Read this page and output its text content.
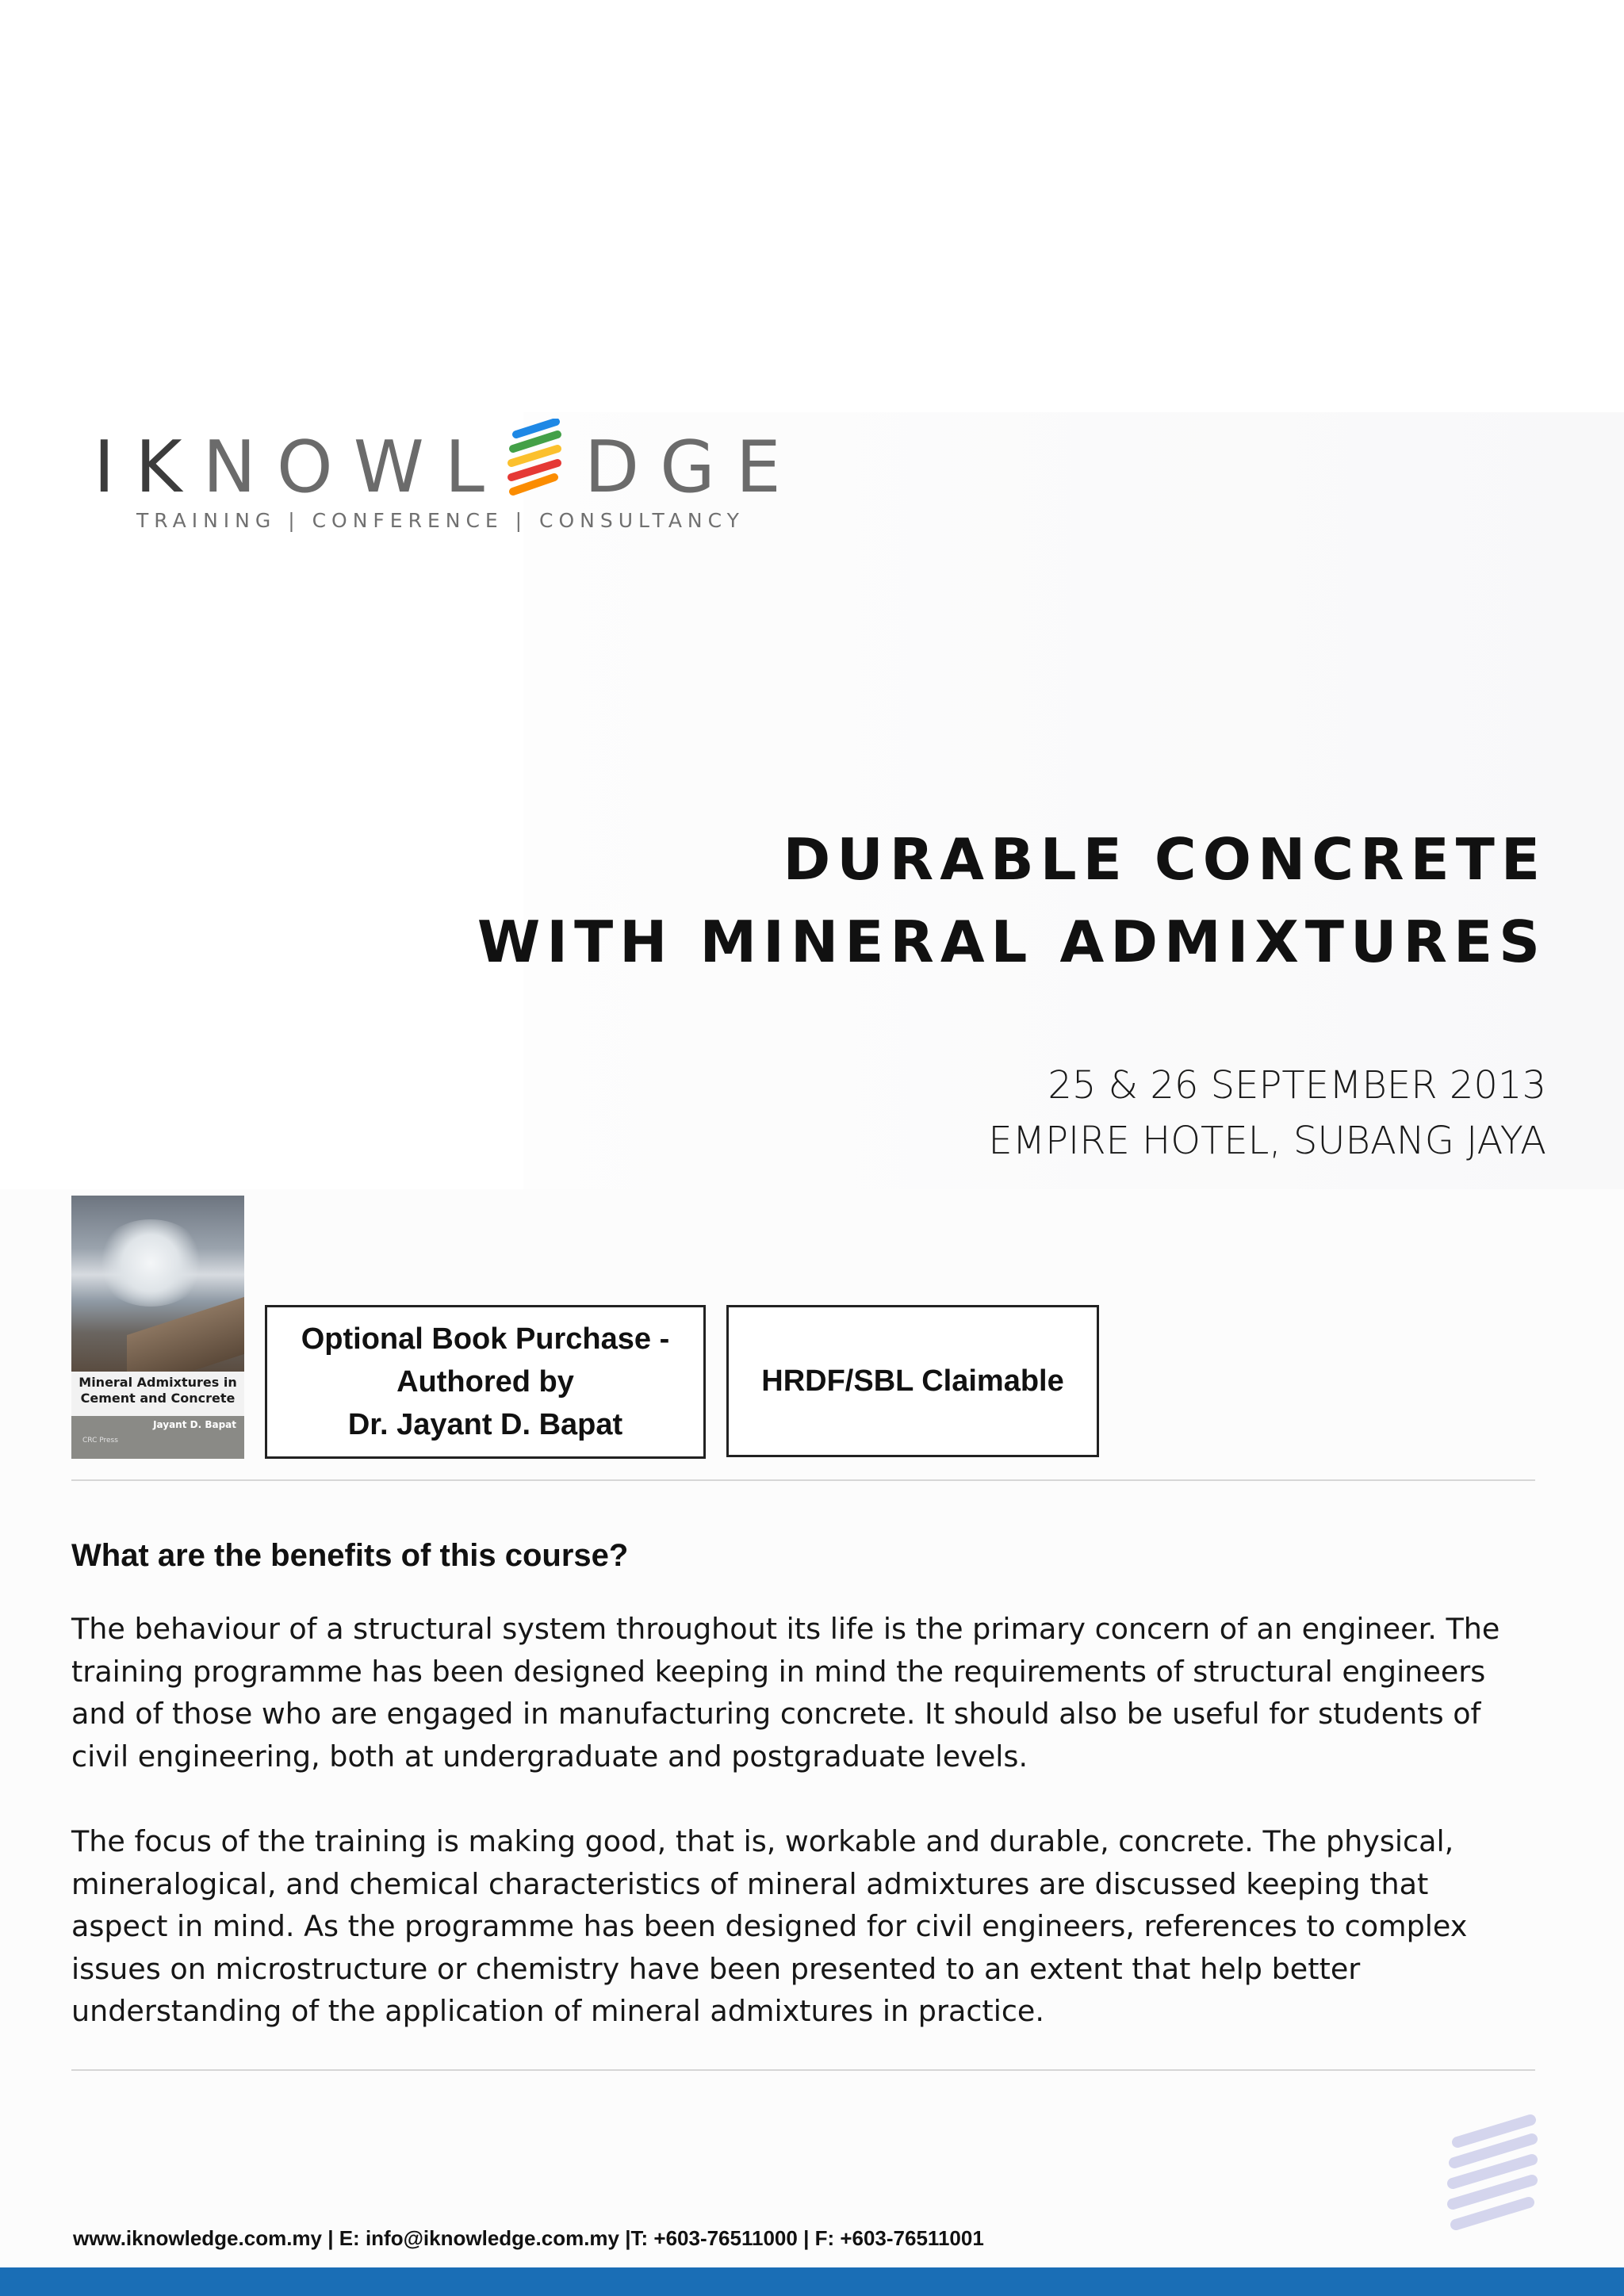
IKNOWL DGE
TRAINING | CONFERENCE | CONSULTANCY
DURABLE CONCRETE
WITH MINERAL ADMIXTURES
25 & 26 SEPTEMBER 2013
EMPIRE HOTEL, SUBANG JAYA
Mineral Admixtures in
Cement and Concrete
Jayant D. Bapat
CRC Press
Optional Book Purchase -
Authored by
Dr. Jayant D. Bapat
HRDF/SBL Claimable
What are the benefits of this course?
The behaviour of a structural system throughout its life is the primary concern of an engineer. The
training programme has been designed keeping in mind the requirements of structural engineers
and of those who are engaged in manufacturing concrete. It should also be useful for students of
civil engineering, both at undergraduate and postgraduate levels.
The focus of the training is making good, that is, workable and durable, concrete. The physical,
mineralogical, and chemical characteristics of mineral admixtures are discussed keeping that
aspect in mind. As the programme has been designed for civil engineers, references to complex
issues on microstructure or chemistry have been presented to an extent that help better
understanding of the application of mineral admixtures in practice.
www.iknowledge.com.my | E: info@iknowledge.com.my |T: +603-76511000 | F: +603-76511001
